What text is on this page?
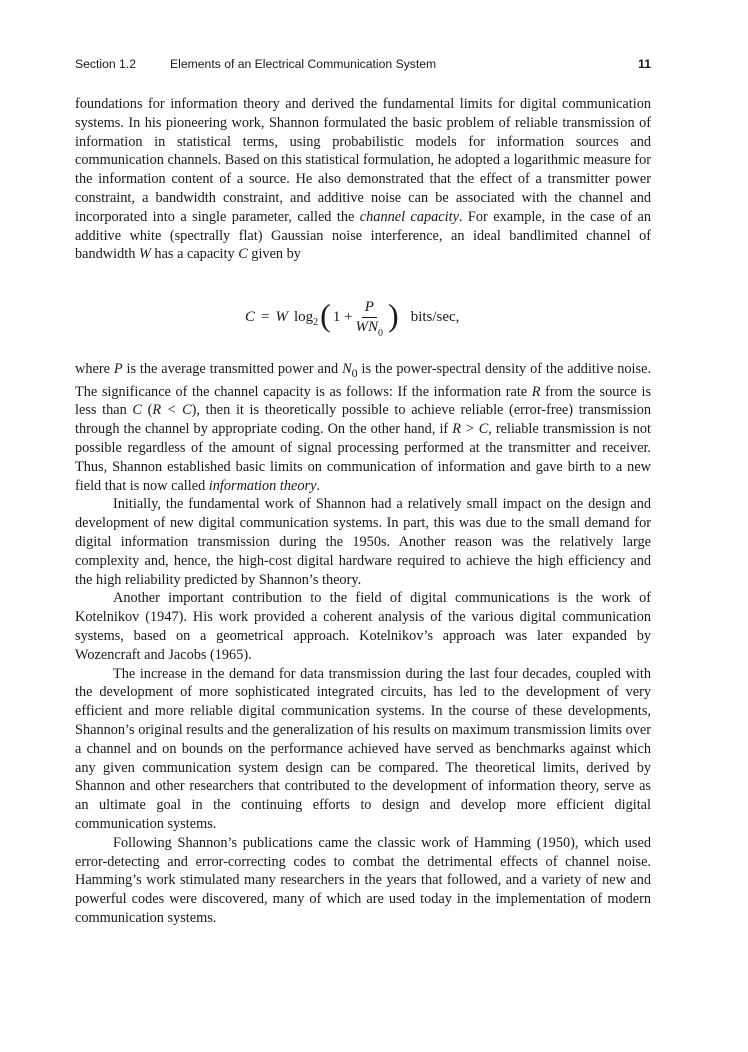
Section 1.2	Elements of an Electrical Communication System	11

foundations for information theory and derived the fundamental limits for digital communication systems. In his pioneering work, Shannon formulated the basic problem of reliable transmission of information in statistical terms, using probabilistic models for information sources and communication channels. Based on this statistical formulation, he adopted a logarithmic measure for the information content of a source. He also demonstrated that the effect of a transmitter power constraint, a bandwidth constraint, and additive noise can be associated with the channel and incorporated into a single parameter, called the channel capacity. For example, in the case of an additive white (spectrally flat) Gaussian noise interference, an ideal bandlimited channel of bandwidth W has a capacity C given by

C = W log 2 ( $1 + \frac{P}{WN_0}$ ) bits/sec,

where P is the average transmitted power and $N_0$ is the power-spectral density of the additive noise. The significance of the channel capacity is as follows: If the information rate R from the source is less than C (R < C), then it is theoretically possible to achieve reliable (error-free) transmission through the channel by appropriate coding. On the other hand, if R > C, reliable transmission is not possible regardless of the amount of signal processing performed at the transmitter and receiver. Thus, Shannon established basic limits on communication of information and gave birth to a new field that is now called information theory.

Initially, the fundamental work of Shannon had a relatively small impact on the design and development of new digital communication systems. In part, this was due to the small demand for digital information transmission during the 1950s. Another reason was the relatively large complexity and, hence, the high-cost digital hardware required to achieve the high efficiency and the high reliability predicted by Shannon’s theory.

Another important contribution to the field of digital communications is the work of Kotelnikov (1947). His work provided a coherent analysis of the various digital communication systems, based on a geometrical approach. Kotelnikov’s approach was later expanded by Wozencraft and Jacobs (1965).

The increase in the demand for data transmission during the last four decades, coupled with the development of more sophisticated integrated circuits, has led to the development of very efficient and more reliable digital communication systems. In the course of these developments, Shannon’s original results and the generalization of his results on maximum transmission limits over a channel and on bounds on the performance achieved have served as benchmarks against which any given communication system design can be compared. The theoretical limits, derived by Shannon and other researchers that contributed to the development of information theory, serve as an ultimate goal in the continuing efforts to design and develop more efficient digital communication systems.

Following Shannon’s publications came the classic work of Hamming (1950), which used error-detecting and error-correcting codes to combat the detrimental effects of channel noise. Hamming’s work stimulated many researchers in the years that followed, and a variety of new and powerful codes were discovered, many of which are used today in the implementation of modern communication systems.
